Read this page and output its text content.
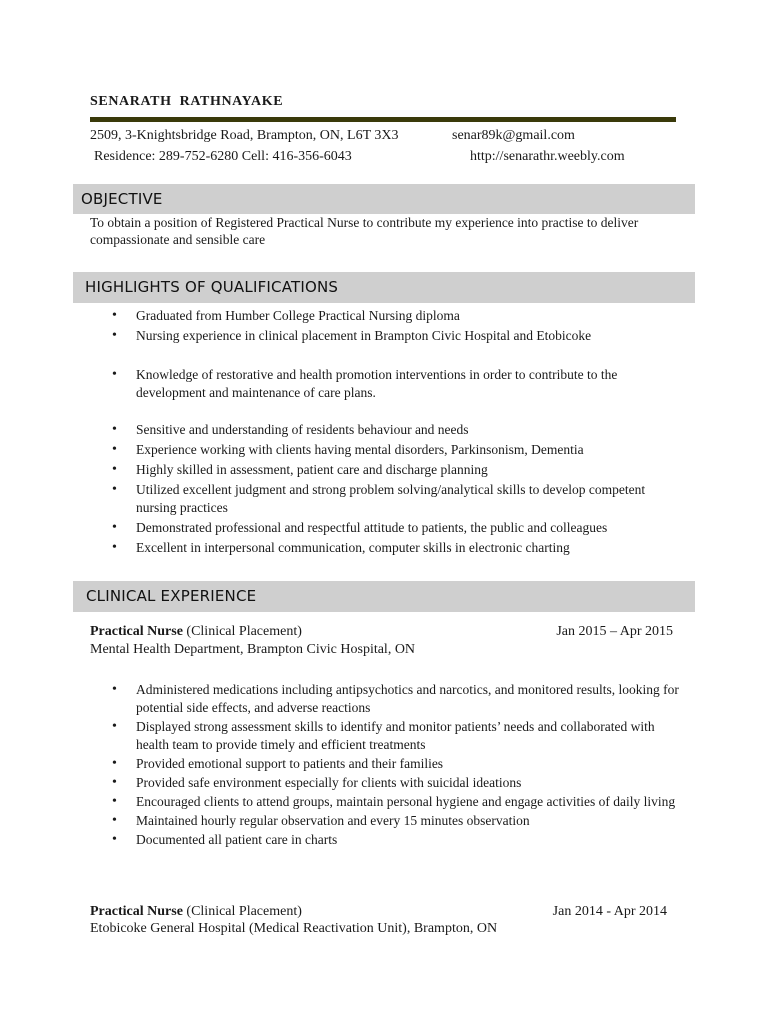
SENARATH RATHNAYAKE
2509, 3-Knightsbridge Road, Brampton, ON, L6T 3X3	senar89k@gmail.com
Residence: 289-752-6280 Cell: 416-356-6043	http://senarathr.weebly.com
OBJECTIVE
To obtain a position of Registered Practical Nurse to contribute my experience into practise to deliver compassionate and sensible care
HIGHLIGHTS OF QUALIFICATIONS
• Graduated from Humber College Practical Nursing diploma
• Nursing experience in clinical placement in Brampton Civic Hospital and Etobicoke
• Knowledge of restorative and health promotion interventions in order to contribute to the development and maintenance of care plans.
• Sensitive and understanding of residents behaviour and needs
• Experience working with clients having mental disorders, Parkinsonism, Dementia
• Highly skilled in assessment, patient care and discharge planning
• Utilized excellent judgment and strong problem solving/analytical skills to develop competent nursing practices
• Demonstrated professional and respectful attitude to patients, the public and colleagues
• Excellent in interpersonal communication, computer skills in electronic charting
CLINICAL EXPERIENCE
Practical Nurse (Clinical Placement)	Jan 2015 – Apr 2015
Mental Health Department, Brampton Civic Hospital, ON
• Administered medications including antipsychotics and narcotics, and monitored results, looking for potential side effects, and adverse reactions
• Displayed strong assessment skills to identify and monitor patients’ needs and collaborated with health team to provide timely and efficient treatments
• Provided emotional support to patients and their families
• Provided safe environment especially for clients with suicidal ideations
• Encouraged clients to attend groups, maintain personal hygiene and engage activities of daily living
• Maintained hourly regular observation and every 15 minutes observation
• Documented all patient care in charts
Practical Nurse (Clinical Placement)	Jan 2014 - Apr 2014
Etobicoke General Hospital (Medical Reactivation Unit), Brampton, ON
